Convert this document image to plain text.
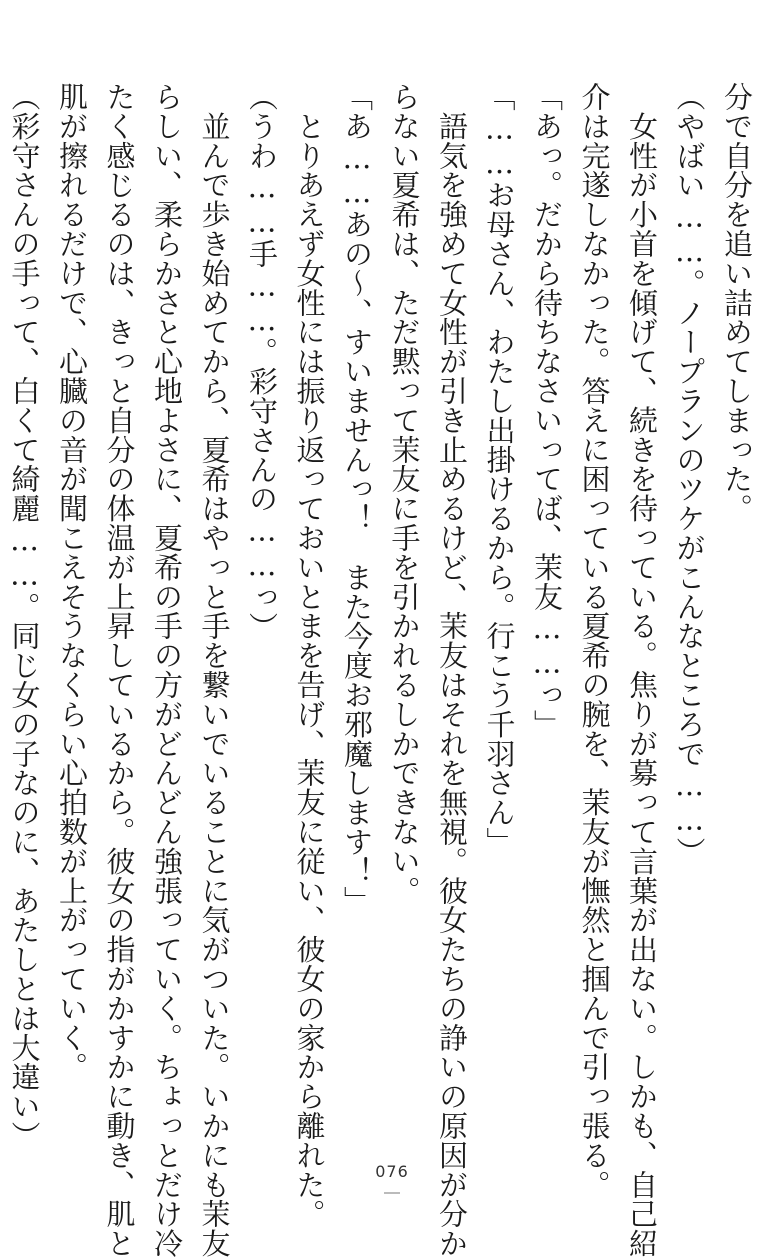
分で自分を追い詰めてしまった。
（やばい……。ノープランのツケがこんなところで……）
　女性が小首を傾げて、続きを待っている。焦りが募って言葉が出ない。しかも、自己紹
介は完遂しなかった。答えに困っている夏希の腕を、茉友が憮然と掴んで引っ張る。
「あっ。だから待ちなさいってば、茉友……っ」
「……お母さん、わたし出掛けるから。行こう千羽さん」
　語気を強めて女性が引き止めるけど、茉友はそれを無視。彼女たちの諍いの原因が分か
らない夏希は、ただ黙って茉友に手を引かれるしかできない。
「あ……あの～、すいませんっ！　また今度お邪魔します！」
　とりあえず女性には振り返っておいとまを告げ、茉友に従い、彼女の家から離れた。
（うわ……手……。彩守さんの……っ）
　並んで歩き始めてから、夏希はやっと手を繋いでいることに気がついた。いかにも茉友
らしい、柔らかさと心地よさに、夏希の手の方がどんどん強張っていく。ちょっとだけ冷
たく感じるのは、きっと自分の体温が上昇しているから。彼女の指がかすかに動き、肌と
肌が擦れるだけで、心臓の音が聞こえそうなくらい心拍数が上がっていく。
（彩守さんの手って、白くて綺麗……。同じ女の子なのに、あたしとは大違い）
076
